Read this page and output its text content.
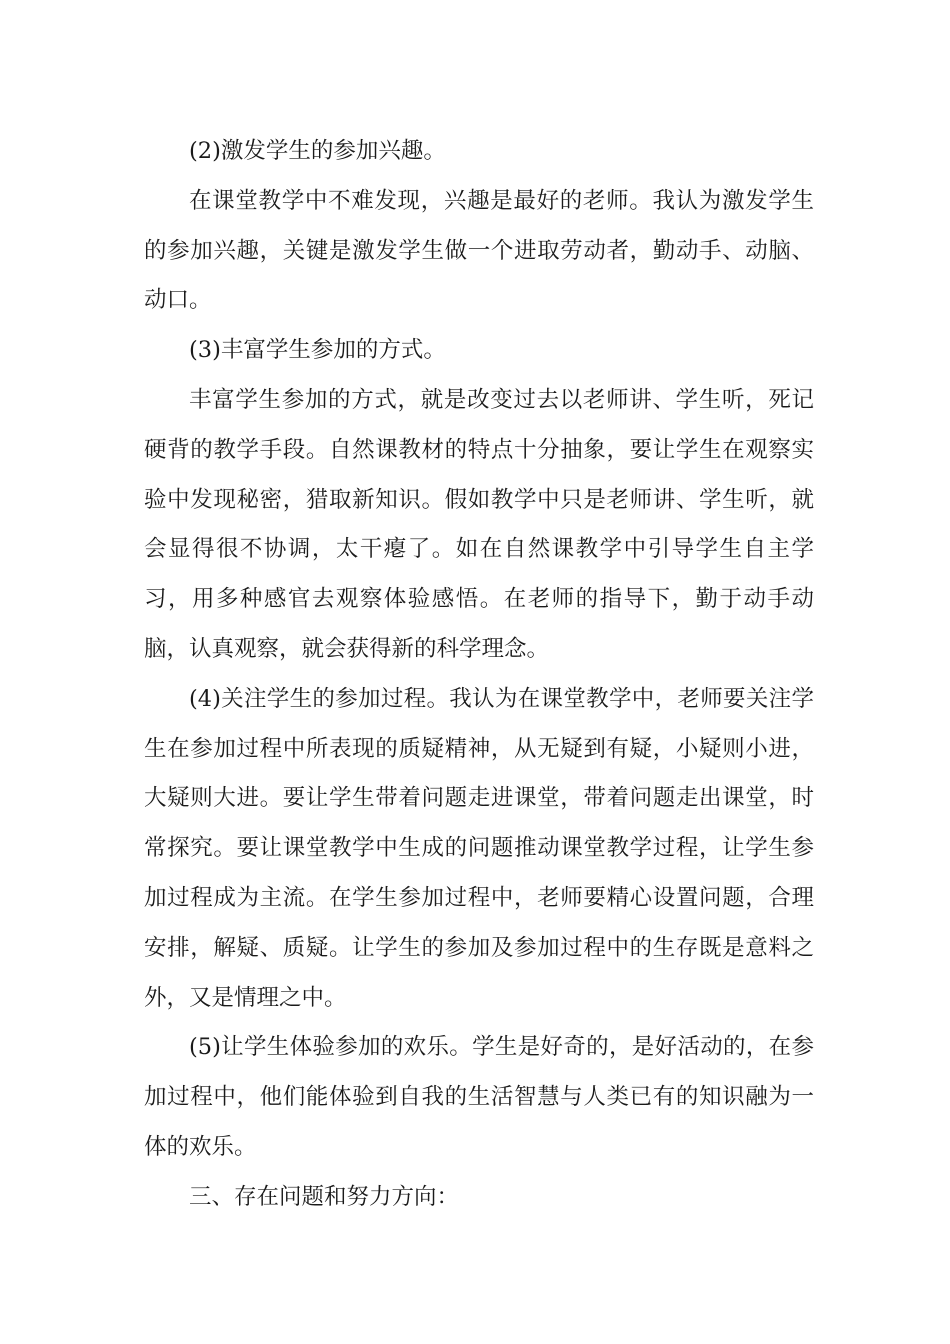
(2)激发学生的参加兴趣。

在课堂教学中不难发现，兴趣是最好的老师。我认为激发学生的参加兴趣，关键是激发学生做一个进取劳动者，勤动手、动脑、动口。

(3)丰富学生参加的方式。

丰富学生参加的方式，就是改变过去以老师讲、学生听，死记硬背的教学手段。自然课教材的特点十分抽象，要让学生在观察实验中发现秘密，猎取新知识。假如教学中只是老师讲、学生听，就会显得很不协调，太干瘪了。如在自然课教学中引导学生自主学习，用多种感官去观察体验感悟。在老师的指导下，勤于动手动脑，认真观察，就会获得新的科学理念。

(4)关注学生的参加过程。我认为在课堂教学中，老师要关注学生在参加过程中所表现的质疑精神，从无疑到有疑，小疑则小进，大疑则大进。要让学生带着问题走进课堂，带着问题走出课堂，时常探究。要让课堂教学中生成的问题推动课堂教学过程，让学生参加过程成为主流。在学生参加过程中，老师要精心设置问题，合理安排，解疑、质疑。让学生的参加及参加过程中的生存既是意料之外，又是情理之中。

(5)让学生体验参加的欢乐。学生是好奇的，是好活动的，在参加过程中，他们能体验到自我的生活智慧与人类已有的知识融为一体的欢乐。

三、存在问题和努力方向：
